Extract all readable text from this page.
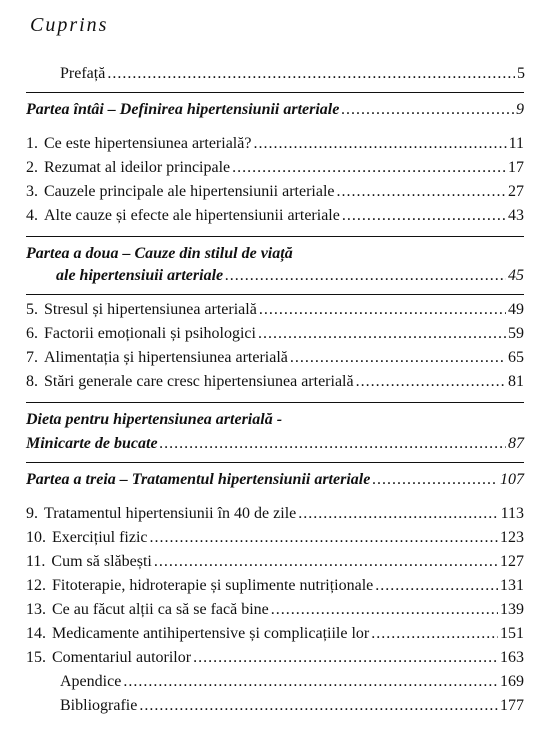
Cuprins
Prefață .....	5
Partea întâi – Definirea hipertensiunii arteriale .....	9
1. Ce este hipertensiunea arterială? .....	11
2. Rezumat al ideilor principale .....	17
3. Cauzele principale ale hipertensiunii arteriale .....	27
4. Alte cauze și efecte ale hipertensiunii arteriale .....	43
Partea a doua – Cauze din stilul de viață
ale hipertensiuii arteriale .....	45
5. Stresul și hipertensiunea arterială .....	49
6. Factorii emoționali și psihologici .....	59
7. Alimentația și hipertensiunea arterială .....	65
8. Stări generale care cresc hipertensiunea arterială .....	81
Dieta pentru hipertensiunea arterială -
Minicarte de bucate .....	87
Partea a treia – Tratamentul hipertensiunii arteriale .....	107
9. Tratamentul hipertensiunii în 40 de zile .....	113
10. Exercițiul fizic .....	123
11. Cum să slăbești .....	127
12. Fitoterapie, hidroterapie și suplimente nutriționale .....	131
13. Ce au făcut alții ca să se facă bine .....	139
14. Medicamente antihipertensive și complicațiile lor .....	151
15. Comentariul autorilor .....	163
Apendice .....	169
Bibliografie .....	177
